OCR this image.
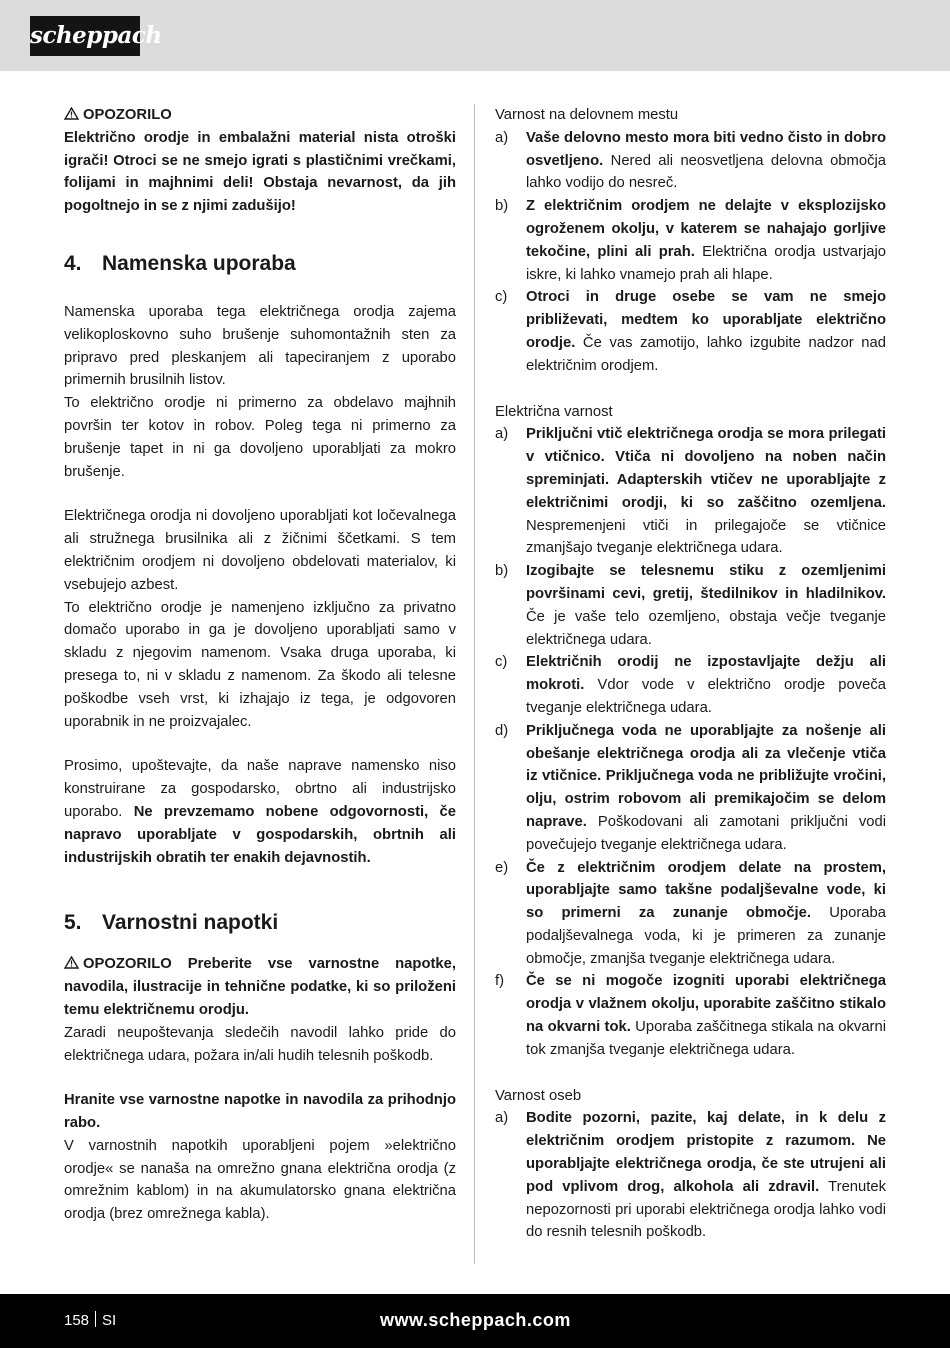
scheppach

OPOZORILO

Električno orodje in embalažni material nista otroški igrači! Otroci se ne smejo igrati s plastičnimi vrečkami, folijami in majhnimi deli! Obstaja nevarnost, da jih pogoltnejo in se z njimi zadušijo!

4. Namenska uporaba

Namenska uporaba tega električnega orodja zajema velikoploskovno suho brušenje suhomontažnih sten za pripravo pred pleskanjem ali tapeciranjem z uporabo primernih brusilnih listov.

To električno orodje ni primerno za obdelavo majhnih površin ter kotov in robov. Poleg tega ni primerno za brušenje tapet in ni ga dovoljeno uporabljati za mokro brušenje.

Električnega orodja ni dovoljeno uporabljati kot ločevalnega ali stružnega brusilnika ali z žičnimi ščetkami. S tem električnim orodjem ni dovoljeno obdelovati materialov, ki vsebujejo azbest.

To električno orodje je namenjeno izključno za privatno domačo uporabo in ga je dovoljeno uporabljati samo v skladu z njegovim namenom. Vsaka druga uporaba, ki presega to, ni v skladu z namenom. Za škodo ali telesne poškodbe vseh vrst, ki izhajajo iz tega, je odgovoren uporabnik in ne proizvajalec.

Prosimo, upoštevajte, da naše naprave namensko niso konstruirane za gospodarsko, obrtno ali industrijsko uporabo. Ne prevzemamo nobene odgovornosti, če napravo uporabljate v gospodarskih, obrtnih ali industrijskih obratih ter enakih dejavnostih.

5. Varnostni napotki

OPOZORILO Preberite vse varnostne napotke, navodila, ilustracije in tehnične podatke, ki so priloženi temu električnemu orodju.

Zaradi neupoštevanja sledečih navodil lahko pride do električnega udara, požara in/ali hudih telesnih poškodb.

Hranite vse varnostne napotke in navodila za prihodnjo rabo.

V varnostnih napotkih uporabljeni pojem »električno orodje« se nanaša na omrežno gnana električna orodja (z omrežnim kablom) in na akumulatorsko gnana električna orodja (brez omrežnega kabla).

Varnost na delovnem mestu

a)	Vaše delovno mesto mora biti vedno čisto in dobro osvetljeno. Nered ali neosvetljena delovna območja lahko vodijo do nesreč.
b)	Z električnim orodjem ne delajte v eksplozijsko ogroženem okolju, v katerem se nahajajo gorljive tekočine, plini ali prah. Električna orodja ustvarjajo iskre, ki lahko vnamejo prah ali hlape.
c)	Otroci in druge osebe se vam ne smejo približevati, medtem ko uporabljate električno orodje. Če vas zamotijo, lahko izgubite nadzor nad električnim orodjem.

Električna varnost

a)	Priključni vtič električnega orodja se mora prilegati v vtičnico. Vtiča ni dovoljeno na noben način spreminjati. Adapterskih vtičev ne uporabljajte z električnimi orodji, ki so zaščitno ozemljena. Nespremenjeni vtiči in prilegajoče se vtičnice zmanjšajo tveganje električnega udara.
b)	Izogibajte se telesnemu stiku z ozemljenimi površinami cevi, gretij, štedilnikov in hladilnikov. Če je vaše telo ozemljeno, obstaja večje tveganje električnega udara.
c)	Električnih orodij ne izpostavljajte dežju ali mokroti. Vdor vode v električno orodje poveča tveganje električnega udara.
d)	Priključnega voda ne uporabljajte za nošenje ali obešanje električnega orodja ali za vlečenje vtiča iz vtičnice. Priključnega voda ne približujte vročini, olju, ostrim robovom ali premikajočim se delom naprave. Poškodovani ali zamotani priključni vodi povečujejo tveganje električnega udara.
e)	Če z električnim orodjem delate na prostem, uporabljajte samo takšne podaljševalne vode, ki so primerni za zunanje območje. Uporaba podaljševalnega voda, ki je primeren za zunanje območje, zmanjša tveganje električnega udara.
f)	Če se ni mogoče izogniti uporabi električnega orodja v vlažnem okolju, uporabite zaščitno stikalo na okvarni tok. Uporaba zaščitnega stikala na okvarni tok zmanjša tveganje električnega udara.

Varnost oseb

a)	Bodite pozorni, pazite, kaj delate, in k delu z električnim orodjem pristopite z razumom. Ne uporabljajte električnega orodja, če ste utrujeni ali pod vplivom drog, alkohola ali zdravil. Trenutek nepozornosti pri uporabi električnega orodja lahko vodi do resnih telesnih poškodb.
158 SI	www.scheppach.com
